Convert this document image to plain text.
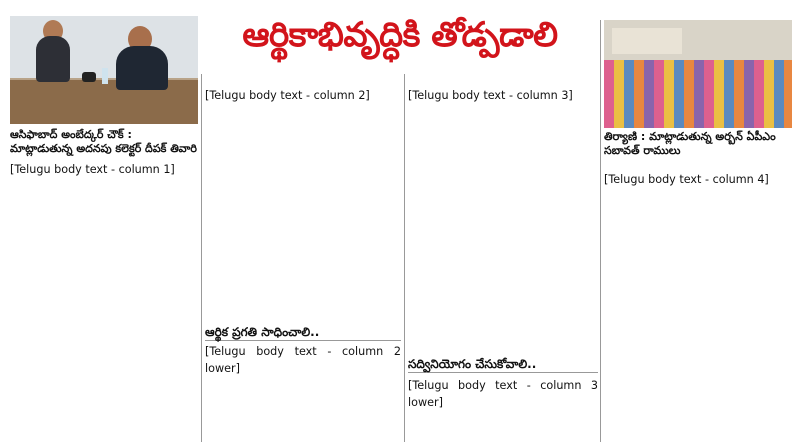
ఆర్థికాభివృద్ధికి తోడ్పడాలి
ఆసిఫాబాద్ అంబేద్కర్ చౌక్ : మాట్లాడుతున్న అదనపు కలెక్టర్ దీపక్ తివారి
తిర్యాణి : మాట్లాడుతున్న అర్బన్ ఏపీఎం సబావత్ రాములు
[Telugu body text - column 1]
[Telugu body text - column 2]
ఆర్థిక ప్రగతి సాధించాలి..
[Telugu body text - column 2 lower]
[Telugu body text - column 3]
సద్వినియోగం చేసుకోవాలి..
[Telugu body text - column 3 lower]
[Telugu body text - column 4]
